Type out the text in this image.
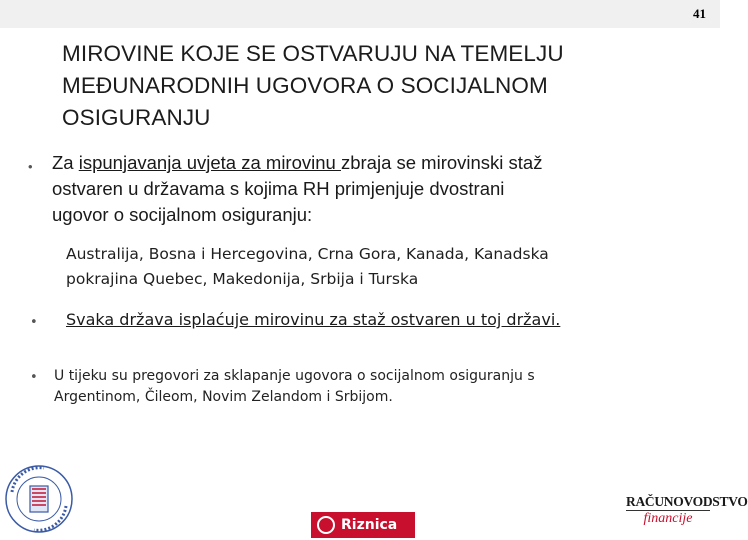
41
MIROVINE KOJE SE OSTVARUJU NA TEMELJU
MEĐUNARODNIH UGOVORA O SOCIJALNOM
OSIGURANJU
• Za ispunjavanja uvjeta za mirovinu zbraja se mirovinski staž
ostvaren u državama s kojima RH primjenjuje dvostrani
ugovor o socijalnom osiguranju:
Australija, Bosna i Hercegovina, Crna Gora, Kanada, Kanadska
pokrajina Quebec, Makedonija, Srbija i Turska
• Svaka država isplaćuje mirovinu za staž ostvaren u toj državi.
• U tijeku su pregovori za sklapanje ugovora o socijalnom osiguranju s
Argentinom, Čileom, Novim Zelandom i Srbijom.
Riznica
RAČUNOVODSTVO
financije
